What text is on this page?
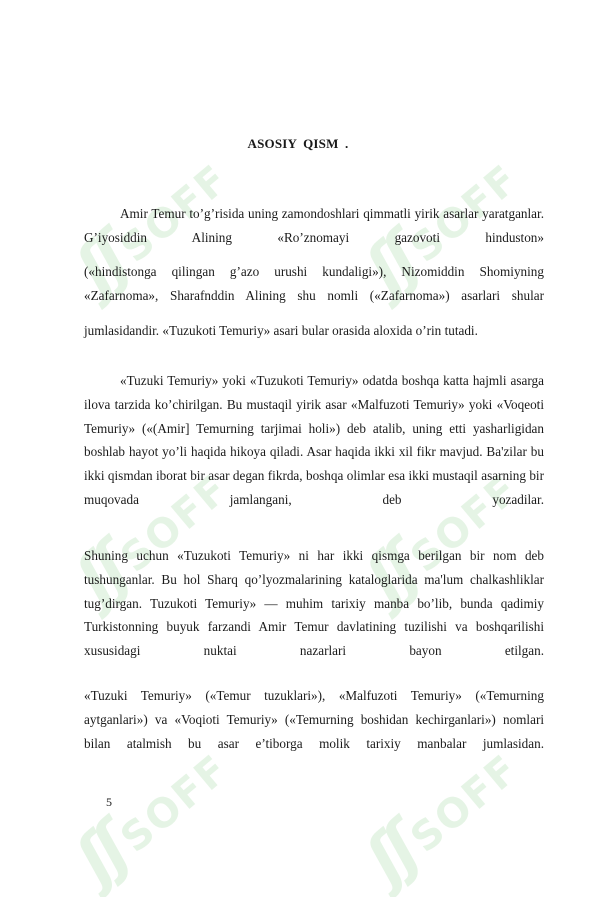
ʃʃSOFF ʃʃSOFF
ʃʃSOFF ʃʃSOFF
ʃʃSOFF ʃʃSOFF
ASOSIY QISM .

Amir Temur to’g’risida uning zamondoshlari qimmatli yirik asarlar yaratganlar. G’iyosiddin Alining «Ro’znomayi gazovoti hinduston»

(«hindistonga qilingan g’azo urushi kundaligi»), Nizomiddin Shomiyning «Zafarnoma», Sharafnddin Alining shu nomli («Zafarnoma») asarlari shular

jumlasidandir. «Tuzukoti Temuriy» asari bular orasida aloxida o’rin tutadi.

«Tuzuki Temuriy» yoki «Tuzukoti Temuriy» odatda boshqa katta hajmli asarga ilova tarzida ko’chirilgan. Bu mustaqil yirik asar «Malfuzoti Temuriy» yoki «Voqeoti Temuriy» («(Amir] Temurning tarjimai holi») deb atalib, uning etti yasharligidan boshlab hayot yo’li haqida hikoya qiladi. Asar haqida ikki xil fikr mavjud. Ba'zilar bu ikki qismdan iborat bir asar degan fikrda, boshqa olimlar esa ikki mustaqil asarning bir muqovada jamlangani, deb yozadilar.

Shuning uchun «Tuzukoti Temuriy» ni har ikki qismga berilgan bir nom deb tushunganlar. Bu hol Sharq qo’lyozmalarining kataloglarida ma'lum chalkashliklar tug’dirgan. Tuzukoti Temuriy» — muhim tarixiy manba bo’lib, bunda qadimiy Turkistonning buyuk farzandi Amir Temur davlatining tuzilishi va boshqarilishi xususidagi nuktai nazarlari bayon etilgan.

«Tuzuki Temuriy» («Temur tuzuklari»), «Malfuzoti Temuriy» («Temurning aytganlari») va «Voqioti Temuriy» («Temurning boshidan kechirganlari») nomlari bilan atalmish bu asar e’tiborga molik tarixiy manbalar jumlasidan.

5
